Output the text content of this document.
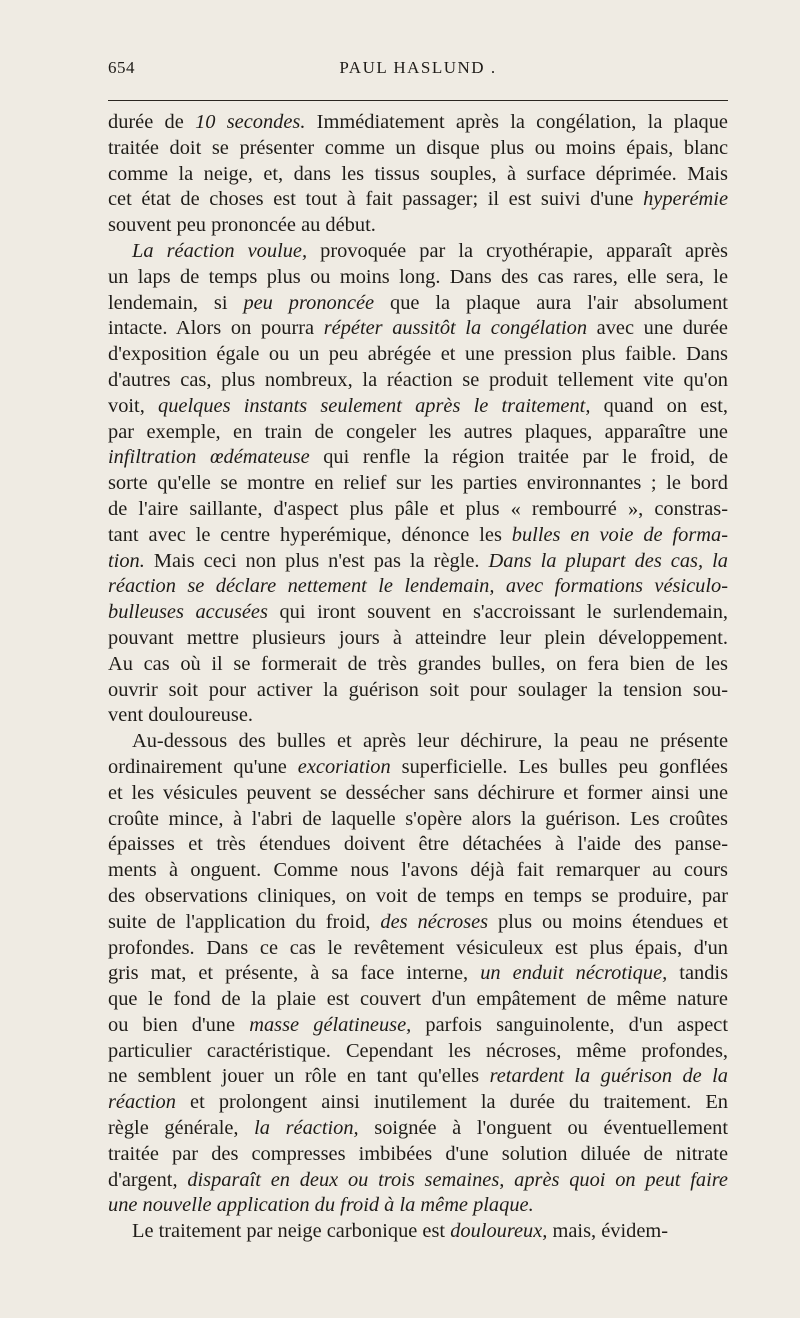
654	PAUL HASLUND .
durée de 10 secondes. Immédiatement après la congélation, la plaque
traitée doit se présenter comme un disque plus ou moins épais, blanc
comme la neige, et, dans les tissus souples, à surface déprimée. Mais
cet état de choses est tout à fait passager; il est suivi d'une hyperémie
souvent peu prononcée au début.
La réaction voulue, provoquée par la cryothérapie, apparaît après
un laps de temps plus ou moins long. Dans des cas rares, elle sera, le
lendemain, si peu prononcée que la plaque aura l'air absolument
intacte. Alors on pourra répéter aussitôt la congélation avec une durée
d'exposition égale ou un peu abrégée et une pression plus faible. Dans
d'autres cas, plus nombreux, la réaction se produit tellement vite qu'on
voit, quelques instants seulement après le traitement, quand on est,
par exemple, en train de congeler les autres plaques, apparaître une
infiltration œdémateuse qui renfle la région traitée par le froid, de
sorte qu'elle se montre en relief sur les parties environnantes ; le bord
de l'aire saillante, d'aspect plus pâle et plus « rembourré », constras-
tant avec le centre hyperémique, dénonce les bulles en voie de forma-
tion. Mais ceci non plus n'est pas la règle. Dans la plupart des cas, la
réaction se déclare nettement le lendemain, avec formations vésiculo-
bulleuses accusées qui iront souvent en s'accroissant le surlendemain,
pouvant mettre plusieurs jours à atteindre leur plein développement.
Au cas où il se formerait de très grandes bulles, on fera bien de les
ouvrir soit pour activer la guérison soit pour soulager la tension sou-
vent douloureuse.
Au-dessous des bulles et après leur déchirure, la peau ne présente
ordinairement qu'une excoriation superficielle. Les bulles peu gonflées
et les vésicules peuvent se dessécher sans déchirure et former ainsi une
croûte mince, à l'abri de laquelle s'opère alors la guérison. Les croûtes
épaisses et très étendues doivent être détachées à l'aide des panse-
ments à onguent. Comme nous l'avons déjà fait remarquer au cours
des observations cliniques, on voit de temps en temps se produire, par
suite de l'application du froid, des nécroses plus ou moins étendues et
profondes. Dans ce cas le revêtement vésiculeux est plus épais, d'un
gris mat, et présente, à sa face interne, un enduit nécrotique, tandis
que le fond de la plaie est couvert d'un empâtement de même nature
ou bien d'une masse gélatineuse, parfois sanguinolente, d'un aspect
particulier caractéristique. Cependant les nécroses, même profondes,
ne semblent jouer un rôle en tant qu'elles retardent la guérison de la
réaction et prolongent ainsi inutilement la durée du traitement. En
règle générale, la réaction, soignée à l'onguent ou éventuellement
traitée par des compresses imbibées d'une solution diluée de nitrate
d'argent, disparaît en deux ou trois semaines, après quoi on peut faire
une nouvelle application du froid à la même plaque.
Le traitement par neige carbonique est douloureux, mais, évidem-
